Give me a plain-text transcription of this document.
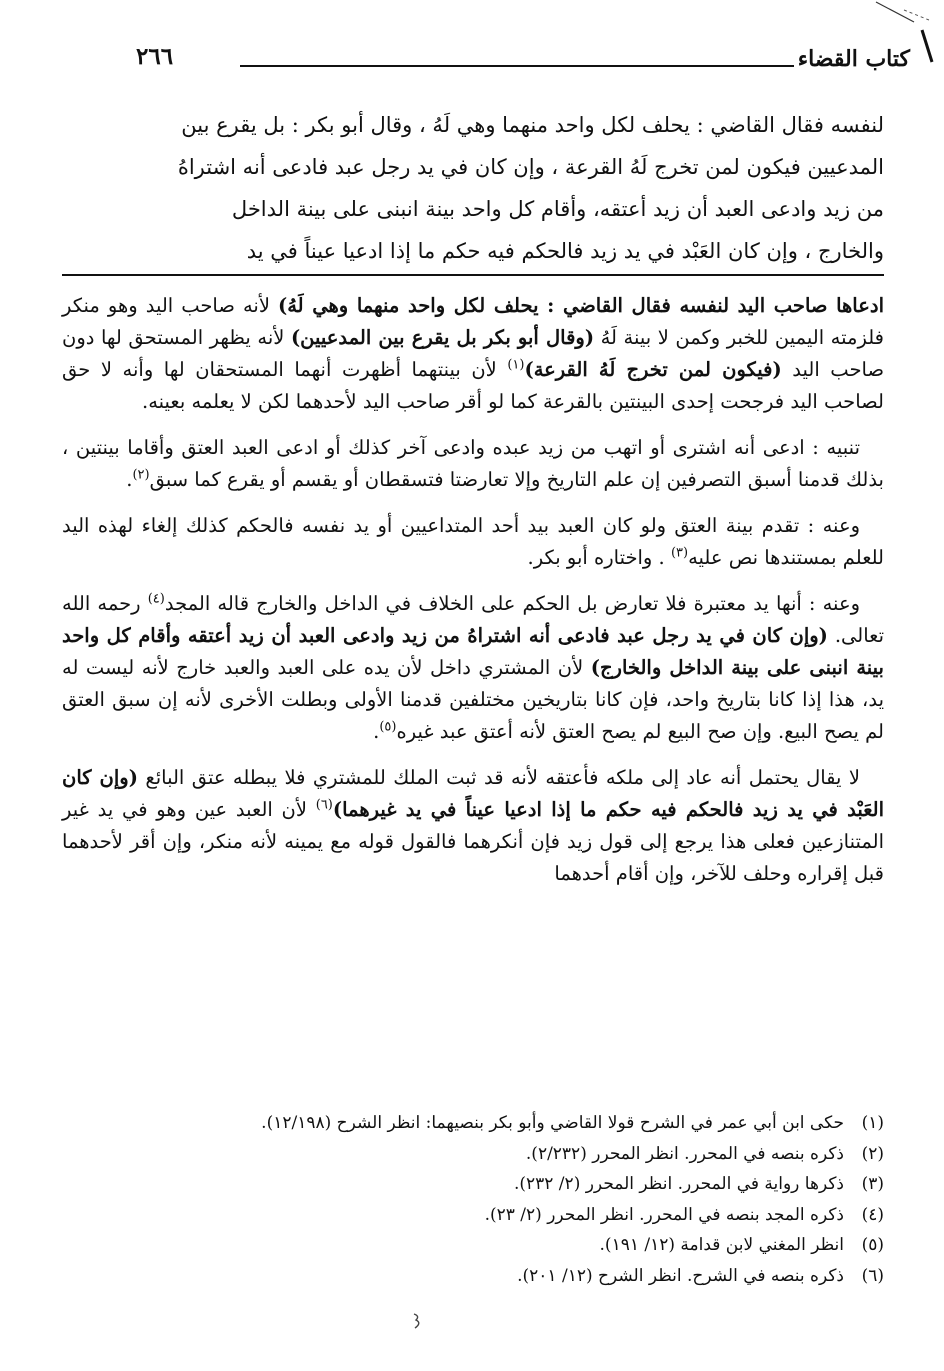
كتاب القضاء
٢٦٦
لنفسه فقال القاضي : يحلف لكل واحد منهما وهي لَهُ ، وقال أبو بكر : بل يقرع بين
المدعيين فيكون لمن تخرج لَهُ القرعة ، وإن كان في يد رجل عبد فادعى أنه اشتراهُ
من زيد وادعى العبد أن زيد أعتقه، وأقام كل واحد بينة انبنى على بينة الداخل
والخارج ، وإن كان العَبْد في يد زيد فالحكم فيه حكم ما إذا ادعيا عيناً في يد

ادعاها صاحب اليد لنفسه فقال القاضي : يحلف لكل واحد منهما وهي لَهُ) لأنه صاحب اليد وهو منكر فلزمته اليمين للخبر وكمن لا بينة لَهُ (وقال أبو بكر بل يقرع بين المدعيين) لأنه يظهر المستحق لها دون صاحب اليد (فيكون لمن تخرج لَهُ القرعة)$^{(١)}$ لأن بينتهما أظهرت أنهما المستحقان لها وأنه لا حق لصاحب اليد فرجحت إحدى البينتين بالقرعة كما لو أقر صاحب اليد لأحدهما لكن لا يعلمه بعينه.

تنبيه : ادعى أنه اشترى أو اتهب من زيد عبده وادعى آخر كذلك أو ادعى العبد العتق وأقاما بينتين ، بذلك قدمنا أسبق التصرفين إن علم التاريخ وإلا تعارضتا فتسقطان أو يقسم أو يقرع كما سبق$^{(٢)}$.

وعنه : تقدم بينة العتق ولو كان العبد بيد أحد المتداعيين أو يد نفسه فالحكم كذلك إلغاء لهذه اليد للعلم بمستندها نص عليه$^{(٣)}$ . واختاره أبو بكر.

وعنه : أنها يد معتبرة فلا تعارض بل الحكم على الخلاف في الداخل والخارج قاله المجد$^{(٤)}$ رحمه الله تعالى. (وإن كان في يد رجل عبد فادعى أنه اشتراهُ من زيد وادعى العبد أن زيد أعتقه وأقام كل واحد بينة انبنى على بينة الداخل والخارج) لأن المشتري داخل لأن يده على العبد والعبد خارج لأنه ليست له يد، هذا إذا كانا بتاريخ واحد، فإن كانا بتاريخين مختلفين قدمنا الأولى وبطلت الأخرى لأنه إن سبق العتق لم يصح البيع. وإن صح البيع لم يصح العتق لأنه أعتق عبد غيره$^{(٥)}$.

لا يقال يحتمل أنه عاد إلى ملكه فأعتقه لأنه قد ثبت الملك للمشتري فلا يبطله عتق البائع (وإن كان العَبْد في يد زيد فالحكم فيه حكم ما إذا ادعيا عيناً في يد غيرهما)$^{(٦)}$ لأن العبد عين وهو في يد غير المتنازعين فعلى هذا يرجع إلى قول زيد فإن أنكرهما فالقول قوله مع يمينه لأنه منكر، وإن أقر لأحدهما قبل إقراره وحلف للآخر، وإن أقام أحدهما

(١)
حكى ابن أبي عمر في الشرح قولا القاضي وأبو بكر بنصيهما: انظر الشرح (١٢/١٩٨).
(٢)
ذكره بنصه في المحرر. انظر المحرر (٢/٢٣٢).
(٣)
ذكرها رواية في المحرر. انظر المحرر (٢/ ٢٣٢).
(٤)
ذكره المجد بنصه في المحرر. انظر المحرر (٢/ ٢٣).
(٥)
انظر المغني لابن قدامة (١٢/ ١٩١).
(٦)
ذكره بنصه في الشرح. انظر الشرح (١٢/ ٢٠١).
